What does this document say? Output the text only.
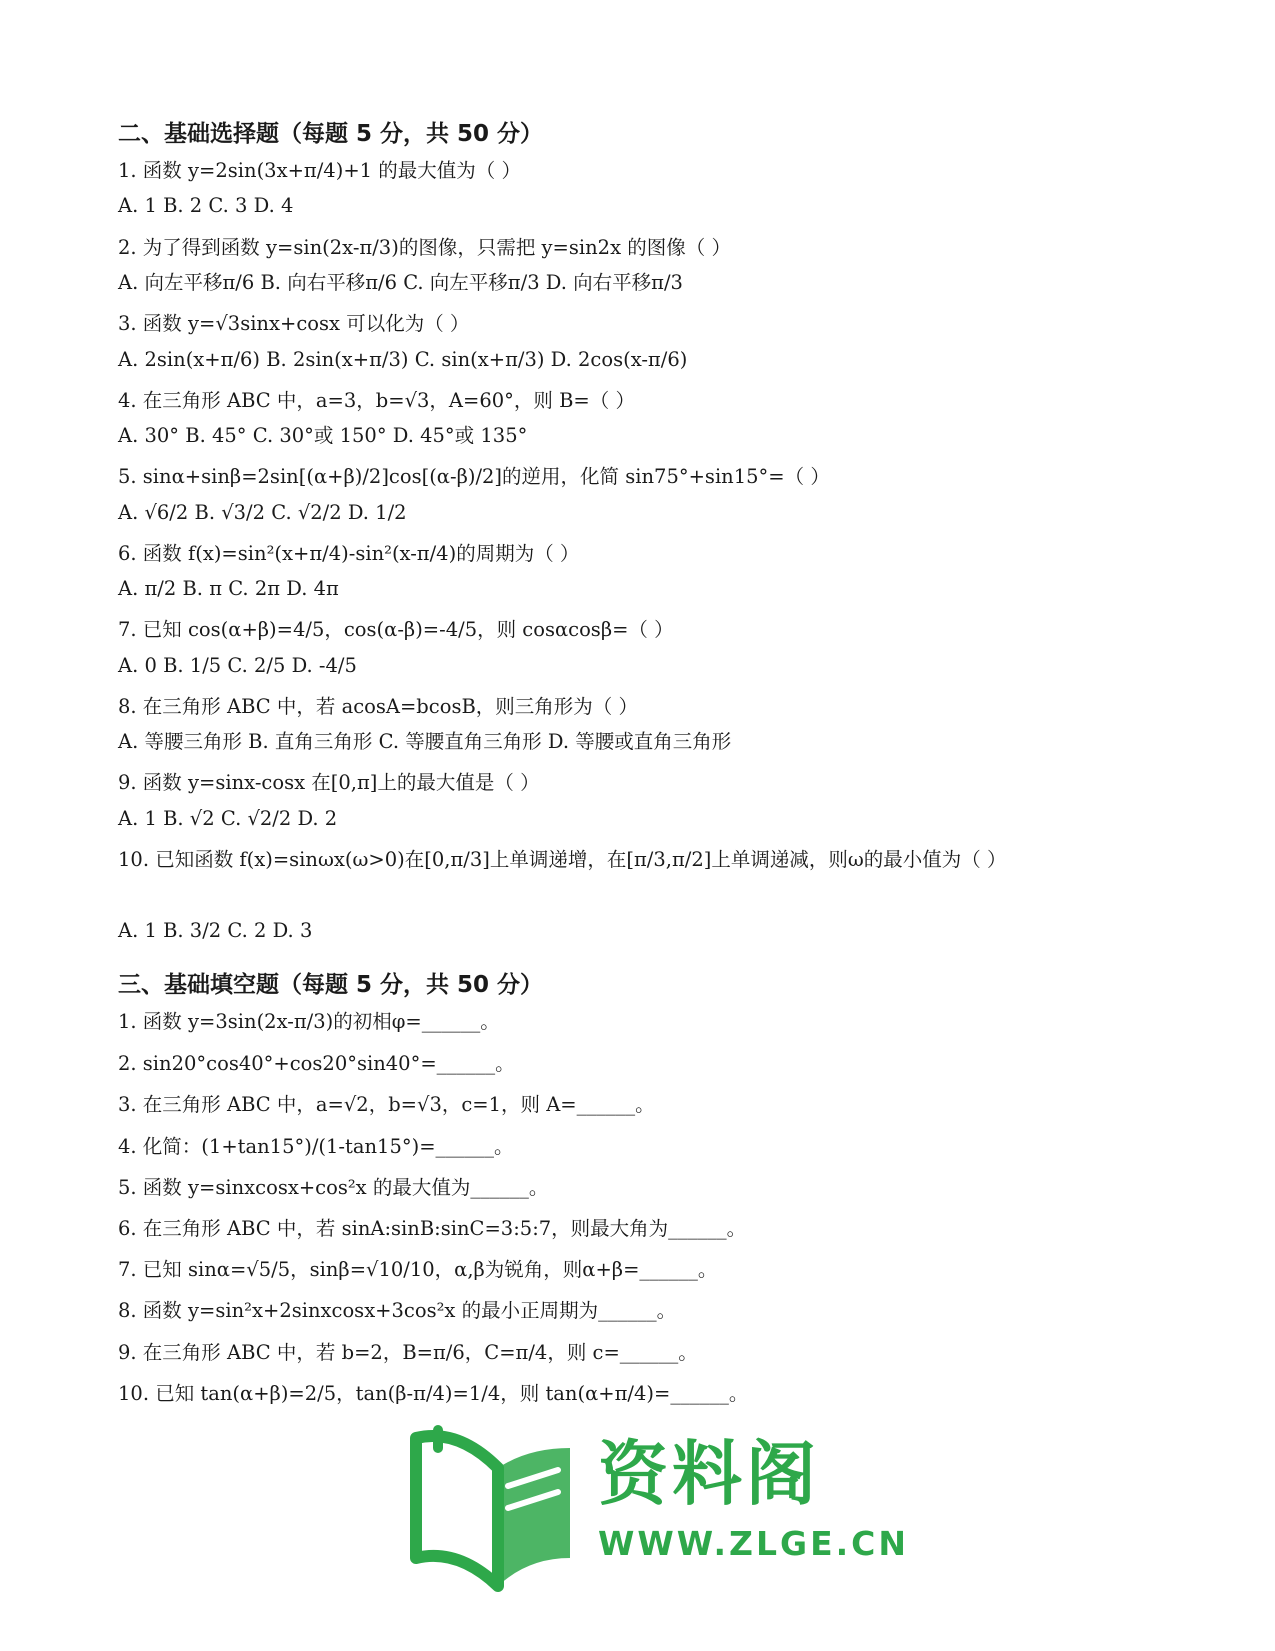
二、基础选择题（每题 5 分，共 50 分）
1. 函数 y=2sin(3x+π/4)+1 的最大值为（ ）
A. 1 B. 2 C. 3 D. 4
2. 为了得到函数 y=sin(2x-π/3)的图像，只需把 y=sin2x 的图像（ ）
A. 向左平移π/6 B. 向右平移π/6 C. 向左平移π/3 D. 向右平移π/3
3. 函数 y=√3sinx+cosx 可以化为（ ）
A. 2sin(x+π/6) B. 2sin(x+π/3) C. sin(x+π/3) D. 2cos(x-π/6)
4. 在三角形 ABC 中，a=3，b=√3，A=60°，则 B=（ ）
A. 30° B. 45° C. 30°或 150° D. 45°或 135°
5. sinα+sinβ=2sin[(α+β)/2]cos[(α-β)/2]的逆用，化简 sin75°+sin15°=（ ）
A. √6/2 B. √3/2 C. √2/2 D. 1/2
6. 函数 f(x)=sin²(x+π/4)-sin²(x-π/4)的周期为（ ）
A. π/2 B. π C. 2π D. 4π
7. 已知 cos(α+β)=4/5，cos(α-β)=-4/5，则 cosαcosβ=（ ）
A. 0 B. 1/5 C. 2/5 D. -4/5
8. 在三角形 ABC 中，若 acosA=bcosB，则三角形为（ ）
A. 等腰三角形 B. 直角三角形 C. 等腰直角三角形 D. 等腰或直角三角形
9. 函数 y=sinx-cosx 在[0,π]上的最大值是（ ）
A. 1 B. √2 C. √2/2 D. 2
10. 已知函数 f(x)=sinωx(ω>0)在[0,π/3]上单调递增，在[π/3,π/2]上单调递减，则ω的最小值为（ ）
A. 1 B. 3/2 C. 2 D. 3
三、基础填空题（每题 5 分，共 50 分）
1. 函数 y=3sin(2x-π/3)的初相φ=______。
2. sin20°cos40°+cos20°sin40°=______。
3. 在三角形 ABC 中，a=√2，b=√3，c=1，则 A=______。
4. 化简：(1+tan15°)/(1-tan15°)=______。
5. 函数 y=sinxcosx+cos²x 的最大值为______。
6. 在三角形 ABC 中，若 sinA:sinB:sinC=3:5:7，则最大角为______。
7. 已知 sinα=√5/5，sinβ=√10/10，α,β为锐角，则α+β=______。
8. 函数 y=sin²x+2sinxcosx+3cos²x 的最小正周期为______。
9. 在三角形 ABC 中，若 b=2，B=π/6，C=π/4，则 c=______。
10. 已知 tan(α+β)=2/5，tan(β-π/4)=1/4，则 tan(α+π/4)=______。
资料阁
WWW.ZLGE.CN
